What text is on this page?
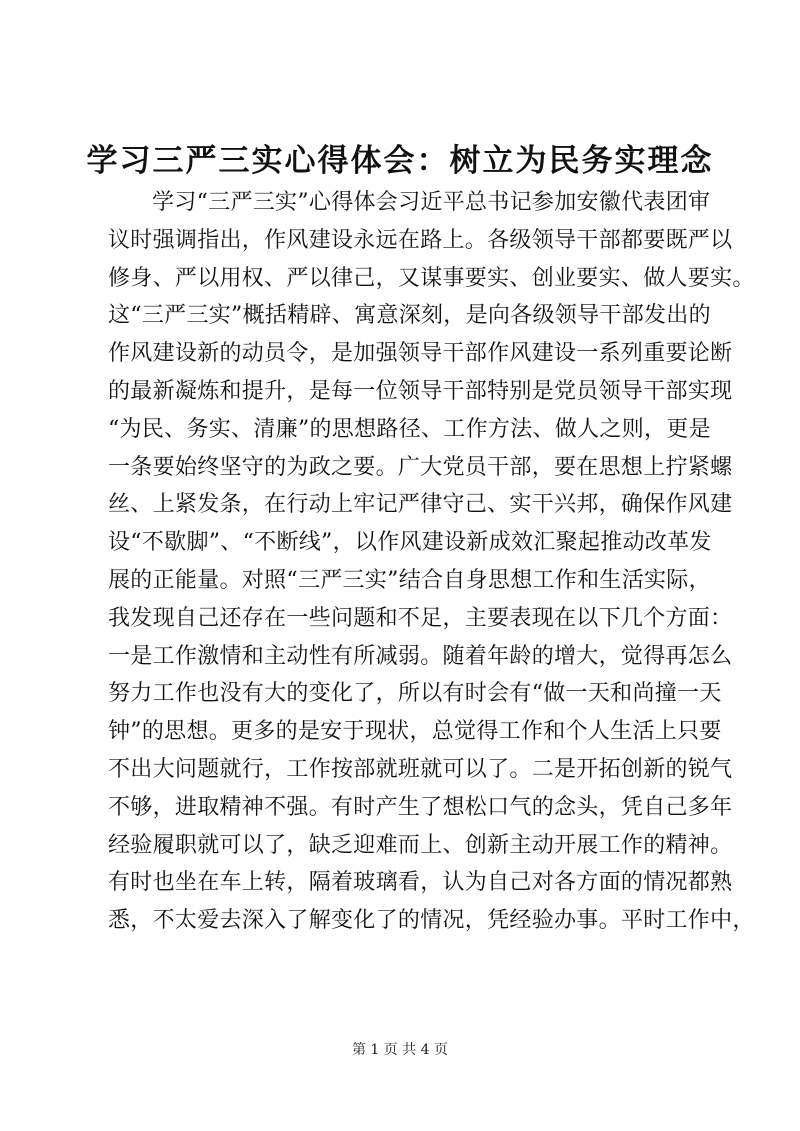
学习三严三实心得体会：树立为民务实理念
学习“三严三实”心得体会习近平总书记参加安徽代表团审
议时强调指出，作风建设永远在路上。各级领导干部都要既严以
修身、严以用权、严以律己，又谋事要实、创业要实、做人要实。
这“三严三实”概括精辟、寓意深刻，是向各级领导干部发出的
作风建设新的动员令，是加强领导干部作风建设一系列重要论断
的最新凝炼和提升，是每一位领导干部特别是党员领导干部实现
“为民、务实、清廉”的思想路径、工作方法、做人之则，更是
一条要始终坚守的为政之要。广大党员干部，要在思想上拧紧螺
丝、上紧发条，在行动上牢记严律守己、实干兴邦，确保作风建
设“不歇脚”、“不断线”，以作风建设新成效汇聚起推动改革发
展的正能量。对照“三严三实”结合自身思想工作和生活实际，
我发现自己还存在一些问题和不足，主要表现在以下几个方面：
一是工作激情和主动性有所减弱。随着年龄的增大，觉得再怎么
努力工作也没有大的变化了，所以有时会有“做一天和尚撞一天
钟”的思想。更多的是安于现状，总觉得工作和个人生活上只要
不出大问题就行，工作按部就班就可以了。二是开拓创新的锐气
不够，进取精神不强。有时产生了想松口气的念头，凭自己多年
经验履职就可以了，缺乏迎难而上、创新主动开展工作的精神。
有时也坐在车上转，隔着玻璃看，认为自己对各方面的情况都熟
悉，不太爱去深入了解变化了的情况，凭经验办事。平时工作中，
第 1 页 共 4 页
